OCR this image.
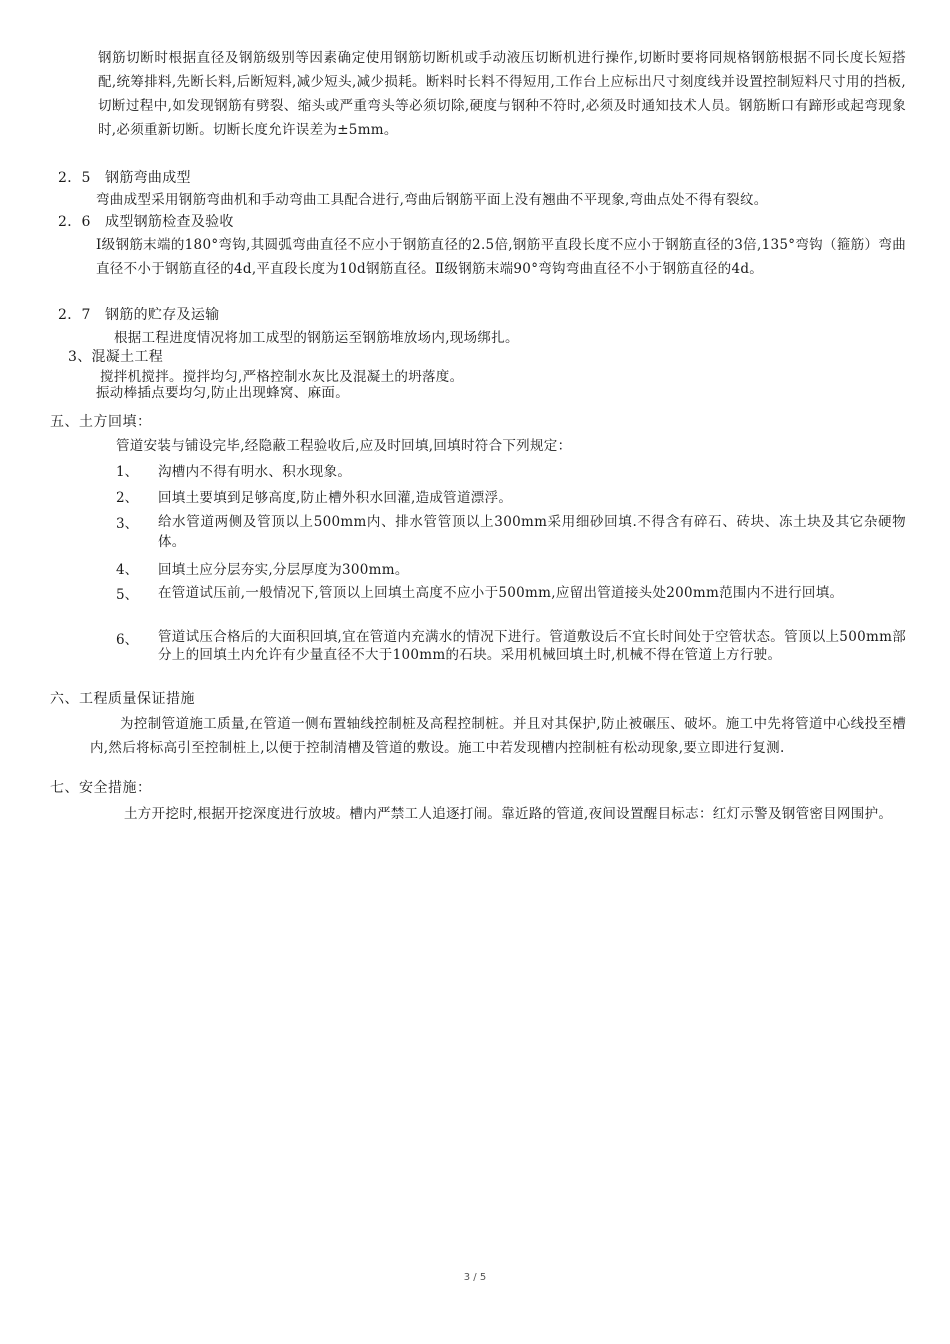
钢筋切断时根据直径及钢筋级别等因素确定使用钢筋切断机或手动液压切断机进行操作,切断时要将同规格钢筋根据不同长度长短搭配,统筹排料,先断长料,后断短料,减少短头,减少损耗。断料时长料不得短用,工作台上应标出尺寸刻度线并设置控制短料尺寸用的挡板,切断过程中,如发现钢筋有劈裂、缩头或严重弯头等必须切除,硬度与钢种不符时,必须及时通知技术人员。钢筋断口有蹄形或起弯现象时,必须重新切断。切断长度允许误差为±5mm。
2．5　钢筋弯曲成型
弯曲成型采用钢筋弯曲机和手动弯曲工具配合进行,弯曲后钢筋平面上没有翘曲不平现象,弯曲点处不得有裂纹。
2．6　成型钢筋检查及验收
Ⅰ级钢筋末端的180°弯钩,其圆弧弯曲直径不应小于钢筋直径的2.5倍,钢筋平直段长度不应小于钢筋直径的3倍,135°弯钩（箍筋）弯曲直径不小于钢筋直径的4d,平直段长度为10d钢筋直径。Ⅱ级钢筋末端90°弯钩弯曲直径不小于钢筋直径的4d。
2．7　钢筋的贮存及运输
根据工程进度情况将加工成型的钢筋运至钢筋堆放场内,现场绑扎。
3、混凝土工程
搅拌机搅拌。搅拌均匀,严格控制水灰比及混凝土的坍落度。
振动棒插点要均匀,防止出现蜂窝、麻面。
五、土方回填：
管道安装与铺设完毕,经隐蔽工程验收后,应及时回填,回填时符合下列规定：
1、 沟槽内不得有明水、积水现象。
2、 回填土要填到足够高度,防止槽外积水回灌,造成管道漂浮。
3、 给水管道两侧及管顶以上500mm内、排水管管顶以上300mm采用细砂回填.不得含有碎石、砖块、冻土块及其它杂硬物体。
4、 回填土应分层夯实,分层厚度为300mm。
5、 在管道试压前,一般情况下,管顶以上回填土高度不应小于500mm,应留出管道接头处200mm范围内不进行回填。
6、 管道试压合格后的大面积回填,宜在管道内充满水的情况下进行。管道敷设后不宜长时间处于空管状态。管顶以上500mm部分上的回填土内允许有少量直径不大于100mm的石块。采用机械回填土时,机械不得在管道上方行驶。
六、工程质量保证措施
为控制管道施工质量,在管道一侧布置轴线控制桩及高程控制桩。并且对其保护,防止被碾压、破坏。施工中先将管道中心线投至槽内,然后将标高引至控制桩上,以便于控制清槽及管道的敷设。施工中若发现槽内控制桩有松动现象,要立即进行复测.
七、安全措施：
土方开挖时,根据开挖深度进行放坡。槽内严禁工人追逐打闹。靠近路的管道,夜间设置醒目标志：红灯示警及钢管密目网围护。
3 / 5
